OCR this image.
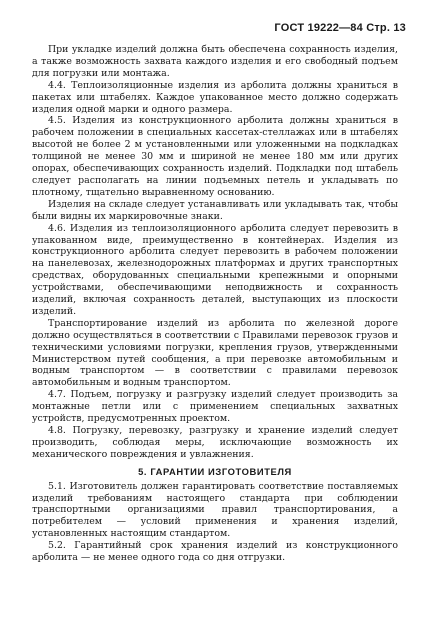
ГОСТ 19222—84 Стр. 13

При укладке изделий должна быть обеспечена сохранность изделия, а также возможность захвата каждого изделия и его свободный подъем для погрузки или монтажа.

4.4. Теплоизоляционные изделия из арболита должны храниться в пакетах или штабелях. Каждое упакованное место должно содержать изделия одной марки и одного размера.

4.5. Изделия из конструкционного арболита должны храниться в рабочем положении в специальных кассетах-стеллажах или в штабелях высотой не более 2 м установленными или уложенными на подкладках толщиной не менее 30 мм и шириной не менее 180 мм или других опорах, обеспечивающих сохранность изделий. Подкладки под штабель следует располагать на линии подъемных петель и укладывать по плотному, тщательно выравненному основанию.

Изделия на складе следует устанавливать или укладывать так, чтобы были видны их маркировочные знаки.

4.6. Изделия из теплоизоляционного арболита следует перевозить в упакованном виде, преимущественно в контейнерах. Изделия из конструкционного арболита следует перевозить в рабочем положении на панелевозах, железнодорожных платформах и других транспортных средствах, оборудованных специальными крепежными и опорными устройствами, обеспечивающими неподвижность и сохранность изделий, включая сохранность деталей, выступающих из плоскости изделий.

Транспортирование изделий из арболита по железной дороге должно осуществляться в соответствии с Правилами перевозок грузов и техническими условиями погрузки, крепления грузов, утвержденными Министерством путей сообщения, а при перевозке автомобильным и водным транспортом — в соответствии с правилами перевозок автомобильным и водным транспортом.

4.7. Подъем, погрузку и разгрузку изделий следует производить за монтажные петли или с применением специальных захватных устройств, предусмотренных проектом.

4.8. Погрузку, перевозку, разгрузку и хранение изделий следует производить, соблюдая меры, исключающие возможность их механического повреждения и увлажнения.

5. ГАРАНТИИ ИЗГОТОВИТЕЛЯ

5.1. Изготовитель должен гарантировать соответствие поставляемых изделий требованиям настоящего стандарта при соблюдении транспортными организациями правил транспортирования, а потребителем — условий применения и хранения изделий, установленных настоящим стандартом.

5.2. Гарантийный срок хранения изделий из конструкционного арболита — не менее одного года со дня отгрузки.
